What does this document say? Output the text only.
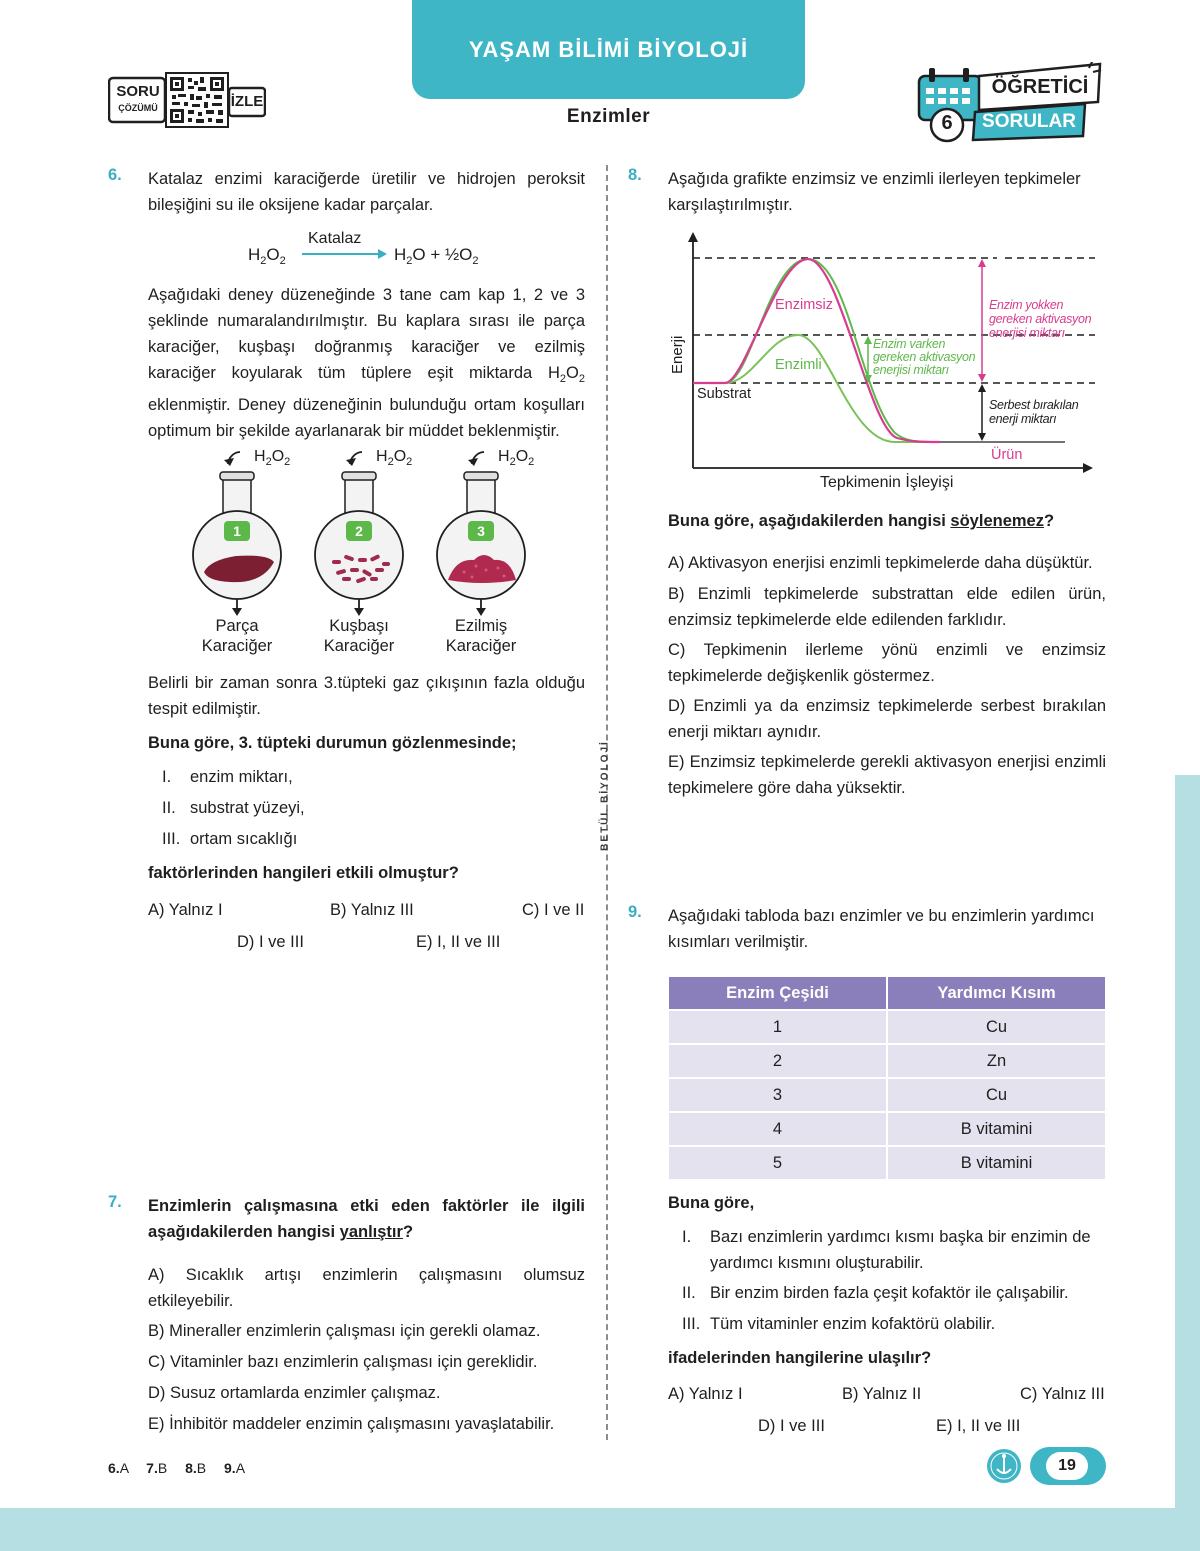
YAŞAM BİLİMİ BİYOLOJİ
Enzimler
SORU
ÇÖZÜMÜ	İZLE
6
ÖĞRETİCİ
SORULAR
BETÜL BİYOLOJİ
6. Katalaz enzimi karaciğerde üretilir ve hidrojen peroksit bileşiğini su ile oksijene kadar parçalar.
$H_2O_2$
Katalaz
$H_2O$ + $\frac{1}{2}O_2$
Aşağıdaki deney düzeneğinde 3 tane cam kap 1, 2 ve 3 şeklinde numaralandırılmıştır. Bu kaplara sırası ile parça karaciğer, kuşbaşı doğranmış karaciğer ve ezilmiş karaciğer koyularak tüm tüplere eşit miktarda $H_2O_2$ eklenmiştir. Deney düzeneğinin bulunduğu ortam koşulları optimum bir şekilde ayarlanarak bir müddet beklenmiştir.
$H_2O_2$	$H_2O_2$	$H_2O_2$
1	2	3
Parça
Karaciğer
Kuşbaşı
Karaciğer
Ezilmiş
Karaciğer
Belirli bir zaman sonra 3.tüpteki gaz çıkışının fazla olduğu tespit edilmiştir.
Buna göre, 3. tüpteki durumun gözlenmesinde;
I. enzim miktarı,
II. substrat yüzeyi,
III. ortam sıcaklığı
faktörlerinden hangileri etkili olmuştur?
A) Yalnız I	B) Yalnız III	C) I ve II
D) I ve III	E) I, II ve III
7. Enzimlerin çalışmasına etki eden faktörler ile ilgili aşağıdakilerden hangisi yanlıştır?
A) Sıcaklık artışı enzimlerin çalışmasını olumsuz etkileyebilir.
B) Mineraller enzimlerin çalışması için gerekli olamaz.
C) Vitaminler bazı enzimlerin çalışması için gereklidir.
D) Susuz ortamlarda enzimler çalışmaz.
E) İnhibitör maddeler enzimin çalışmasını yavaşlatabilir.
8. Aşağıda grafikte enzimsiz ve enzimli ilerleyen tepkimeler karşılaştırılmıştır.
Enerji
Tepkimenin İşleyişi
Enzimsiz
Enzimli
Substrat
Ürün
Enzim varken
gereken aktivasyon
enerjisi miktarı
Enzim yokken
gereken aktivasyon
enerjisi miktarı
Serbest bırakılan
enerji miktarı
Buna göre, aşağıdakilerden hangisi söylenemez?
A) Aktivasyon enerjisi enzimli tepkimelerde daha düşüktür.
B) Enzimli tepkimelerde substrattan elde edilen ürün, enzimsiz tepkimelerde elde edilenden farklıdır.
C) Tepkimenin ilerleme yönü enzimli ve enzimsiz tepkimelerde değişkenlik göstermez.
D) Enzimli ya da enzimsiz tepkimelerde serbest bırakılan enerji miktarı aynıdır.
E) Enzimsiz tepkimelerde gerekli aktivasyon enerjisi enzimli tepkimelere göre daha yüksektir.
9. Aşağıdaki tabloda bazı enzimler ve bu enzimlerin yardımcı kısımları verilmiştir.
Enzim Çeşidi	Yardımcı Kısım
1	Cu
2	Zn
3	Cu
4	B vitamini
5	B vitamini
Buna göre,
I. Bazı enzimlerin yardımcı kısmı başka bir enzimin de yardımcı kısmını oluşturabilir.
II. Bir enzim birden fazla çeşit kofaktör ile çalışabilir.
III. Tüm vitaminler enzim kofaktörü olabilir.
ifadelerinden hangilerine ulaşılır?
A) Yalnız I	B) Yalnız II	C) Yalnız III
D) I ve III	E) I, II ve III
6.A 7.B 8.B 9.A	19
